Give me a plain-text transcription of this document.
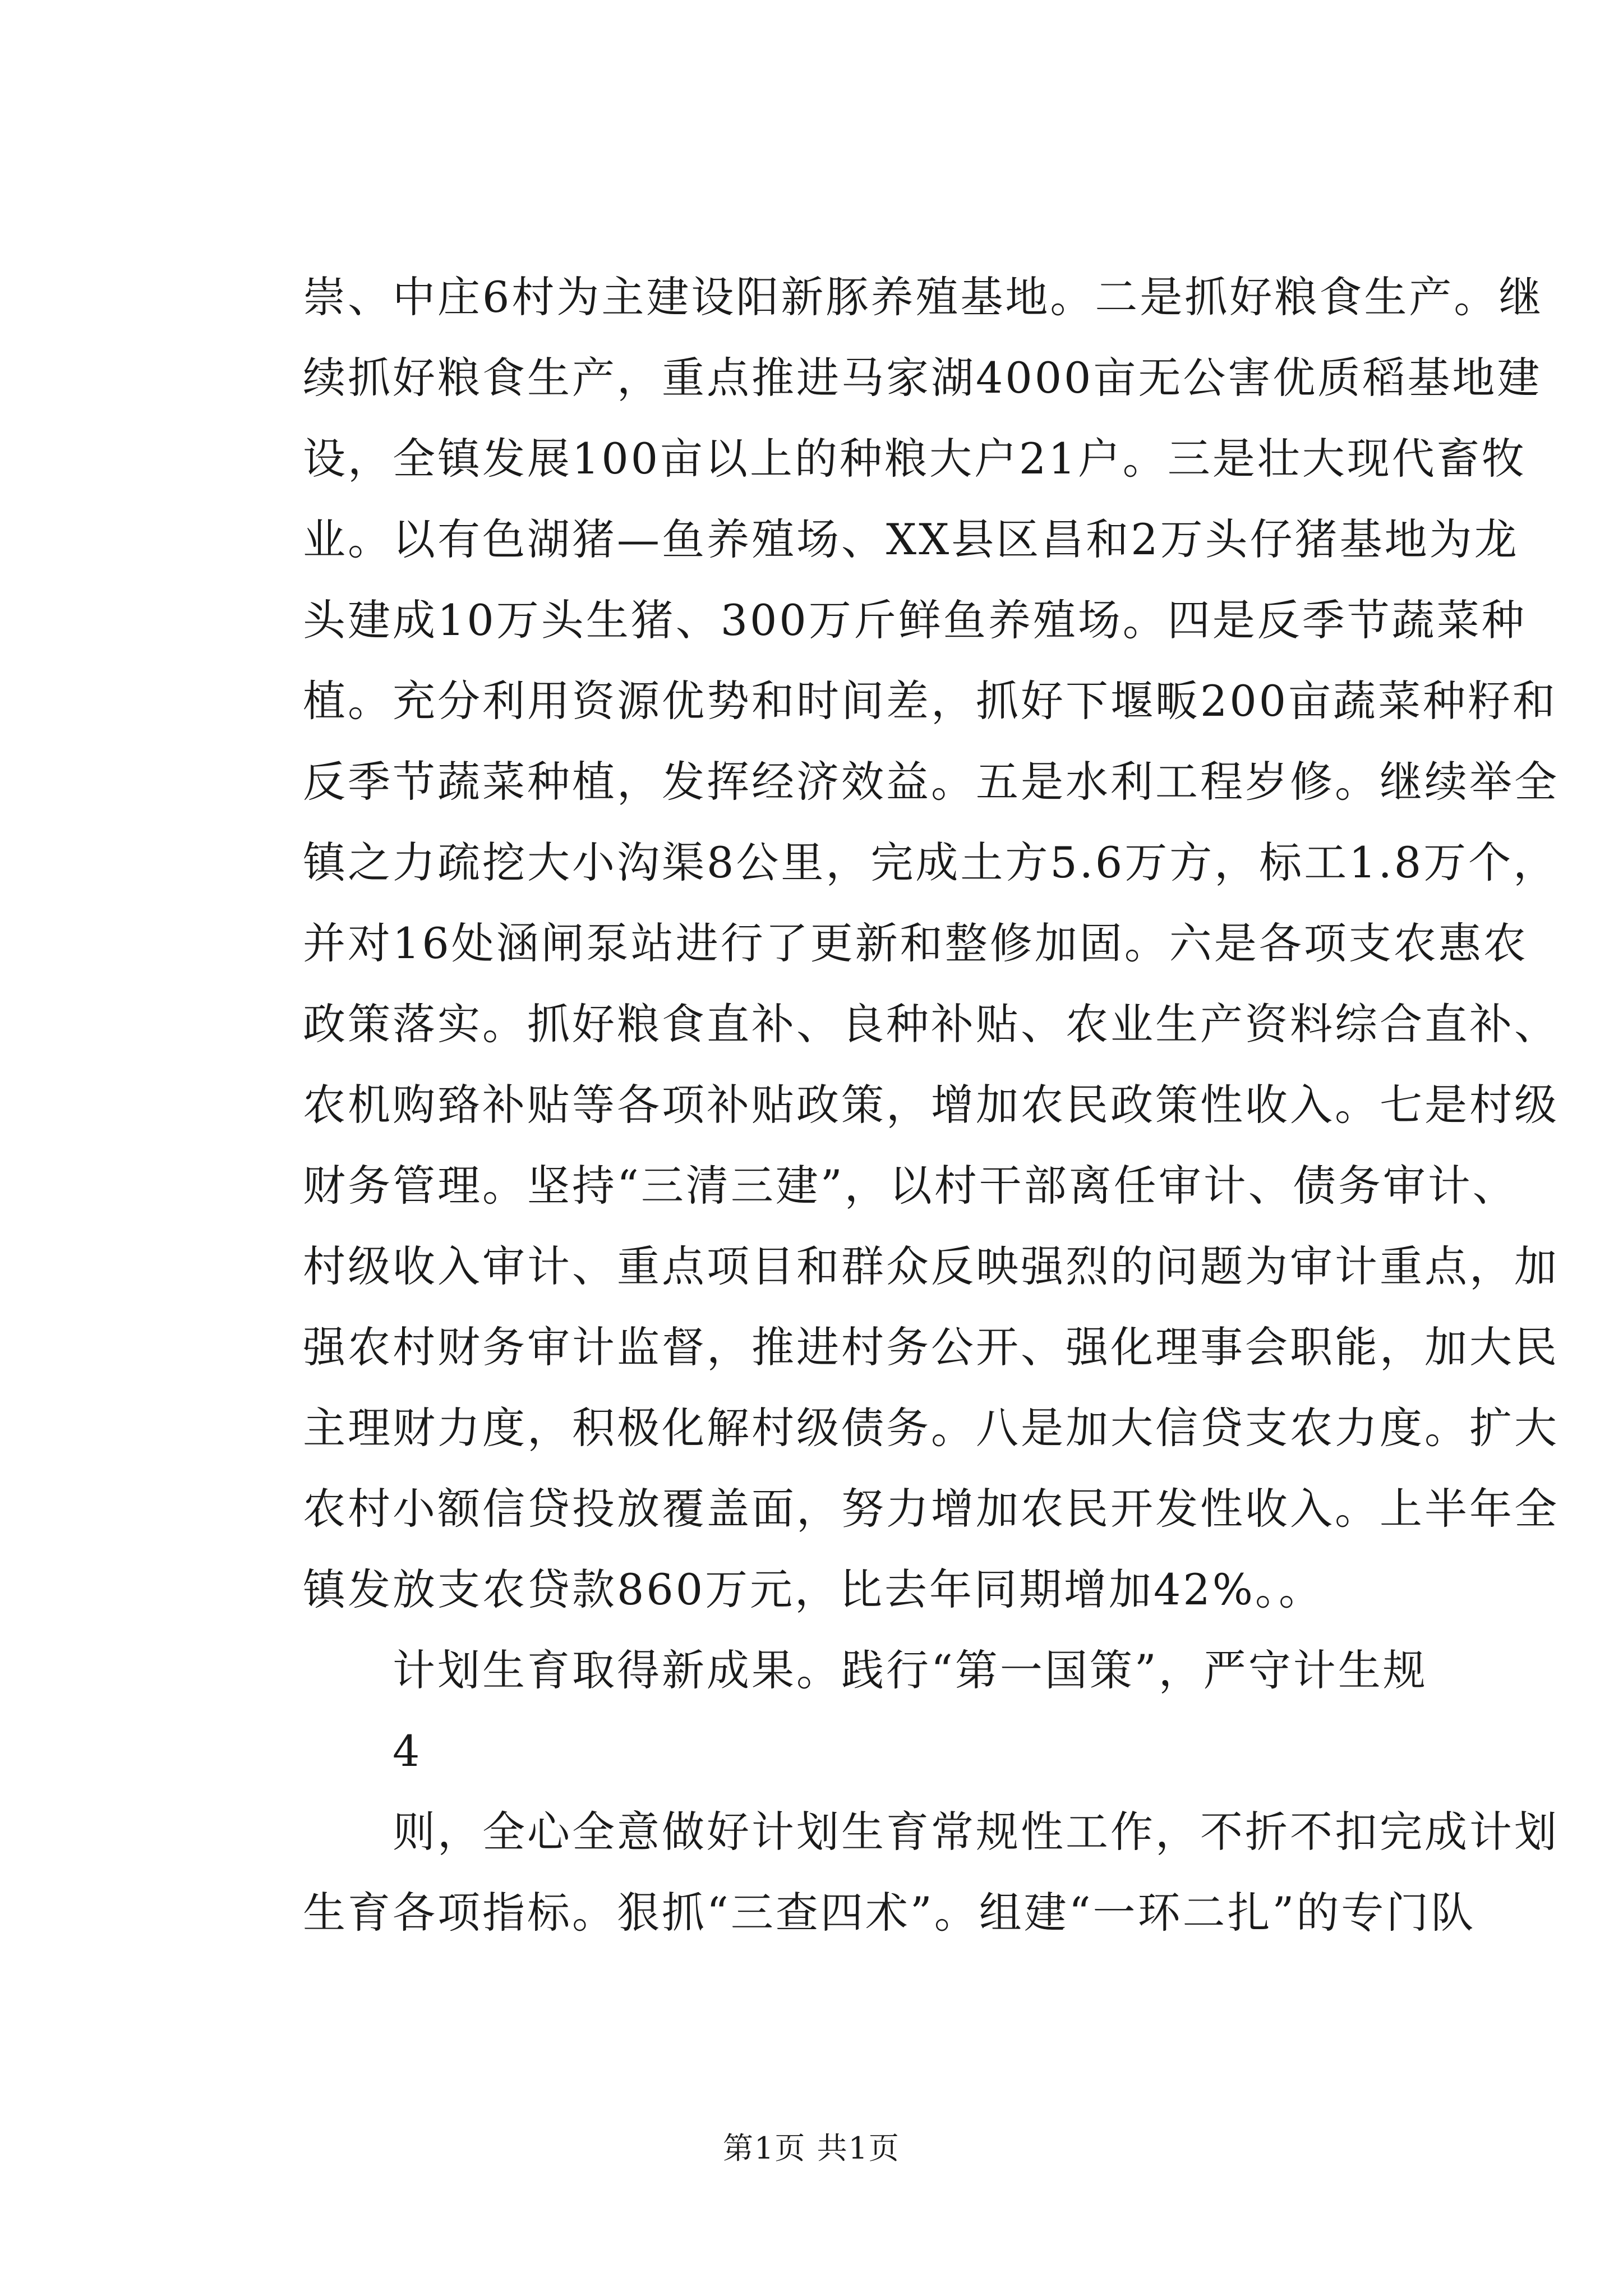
崇、中庄6村为主建设阳新豚养殖基地。二是抓好粮食生产。继
续抓好粮食生产，重点推进马家湖4000亩无公害优质稻基地建
设，全镇发展100亩以上的种粮大户21户。三是壮大现代畜牧
业。以有色湖猪—鱼养殖场、XX县区昌和2万头仔猪基地为龙
头建成10万头生猪、300万斤鲜鱼养殖场。四是反季节蔬菜种
植。充分利用资源优势和时间差，抓好下堰畈200亩蔬菜种籽和
反季节蔬菜种植，发挥经济效益。五是水利工程岁修。继续举全
镇之力疏挖大小沟渠8公里，完成土方5.6万方，标工1.8万个，
并对16处涵闸泵站进行了更新和整修加固。六是各项支农惠农
政策落实。抓好粮食直补、良种补贴、农业生产资料综合直补、
农机购臵补贴等各项补贴政策，增加农民政策性收入。七是村级
财务管理。坚持“三清三建”，以村干部离任审计、债务审计、
村级收入审计、重点项目和群众反映强烈的问题为审计重点，加
强农村财务审计监督，推进村务公开、强化理事会职能，加大民
主理财力度，积极化解村级债务。八是加大信贷支农力度。扩大
农村小额信贷投放覆盖面，努力增加农民开发性收入。上半年全
镇发放支农贷款860万元，比去年同期增加42%。。
计划生育取得新成果。践行“第一国策”，严守计生规
4
则，全心全意做好计划生育常规性工作，不折不扣完成计划
生育各项指标。狠抓“三查四术”。组建“一环二扎”的专门队
第1页 共1页
